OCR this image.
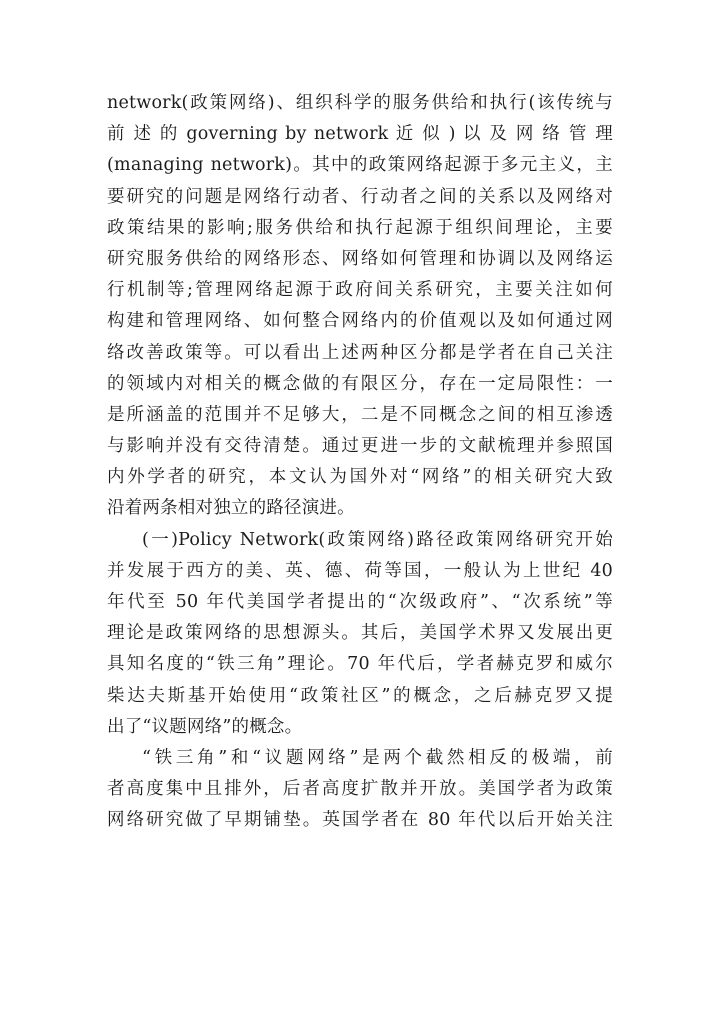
network(政策网络)、组织科学的服务供给和执行(该传统与
前 述 的 governing by network 近 似 ) 以 及 网 络 管 理
(managing network)。其中的政策网络起源于多元主义，主
要研究的问题是网络行动者、行动者之间的关系以及网络对
政策结果的影响;服务供给和执行起源于组织间理论，主要
研究服务供给的网络形态、网络如何管理和协调以及网络运
行机制等;管理网络起源于政府间关系研究，主要关注如何
构建和管理网络、如何整合网络内的价值观以及如何通过网
络改善政策等。可以看出上述两种区分都是学者在自己关注
的领域内对相关的概念做的有限区分，存在一定局限性：一
是所涵盖的范围并不足够大，二是不同概念之间的相互渗透
与影响并没有交待清楚。通过更进一步的文献梳理并参照国
内外学者的研究，本文认为国外对“网络”的相关研究大致
沿着两条相对独立的路径演进。
(一)Policy Network(政策网络)路径政策网络研究开始
并发展于西方的美、英、德、荷等国，一般认为上世纪 40
年代至 50 年代美国学者提出的“次级政府”、“次系统”等
理论是政策网络的思想源头。其后，美国学术界又发展出更
具知名度的“铁三角”理论。70 年代后，学者赫克罗和威尔
柴达夫斯基开始使用“政策社区”的概念，之后赫克罗又提
出了“议题网络”的概念。
“铁三角”和“议题网络”是两个截然相反的极端，前
者高度集中且排外，后者高度扩散并开放。美国学者为政策
网络研究做了早期铺垫。英国学者在 80 年代以后开始关注
